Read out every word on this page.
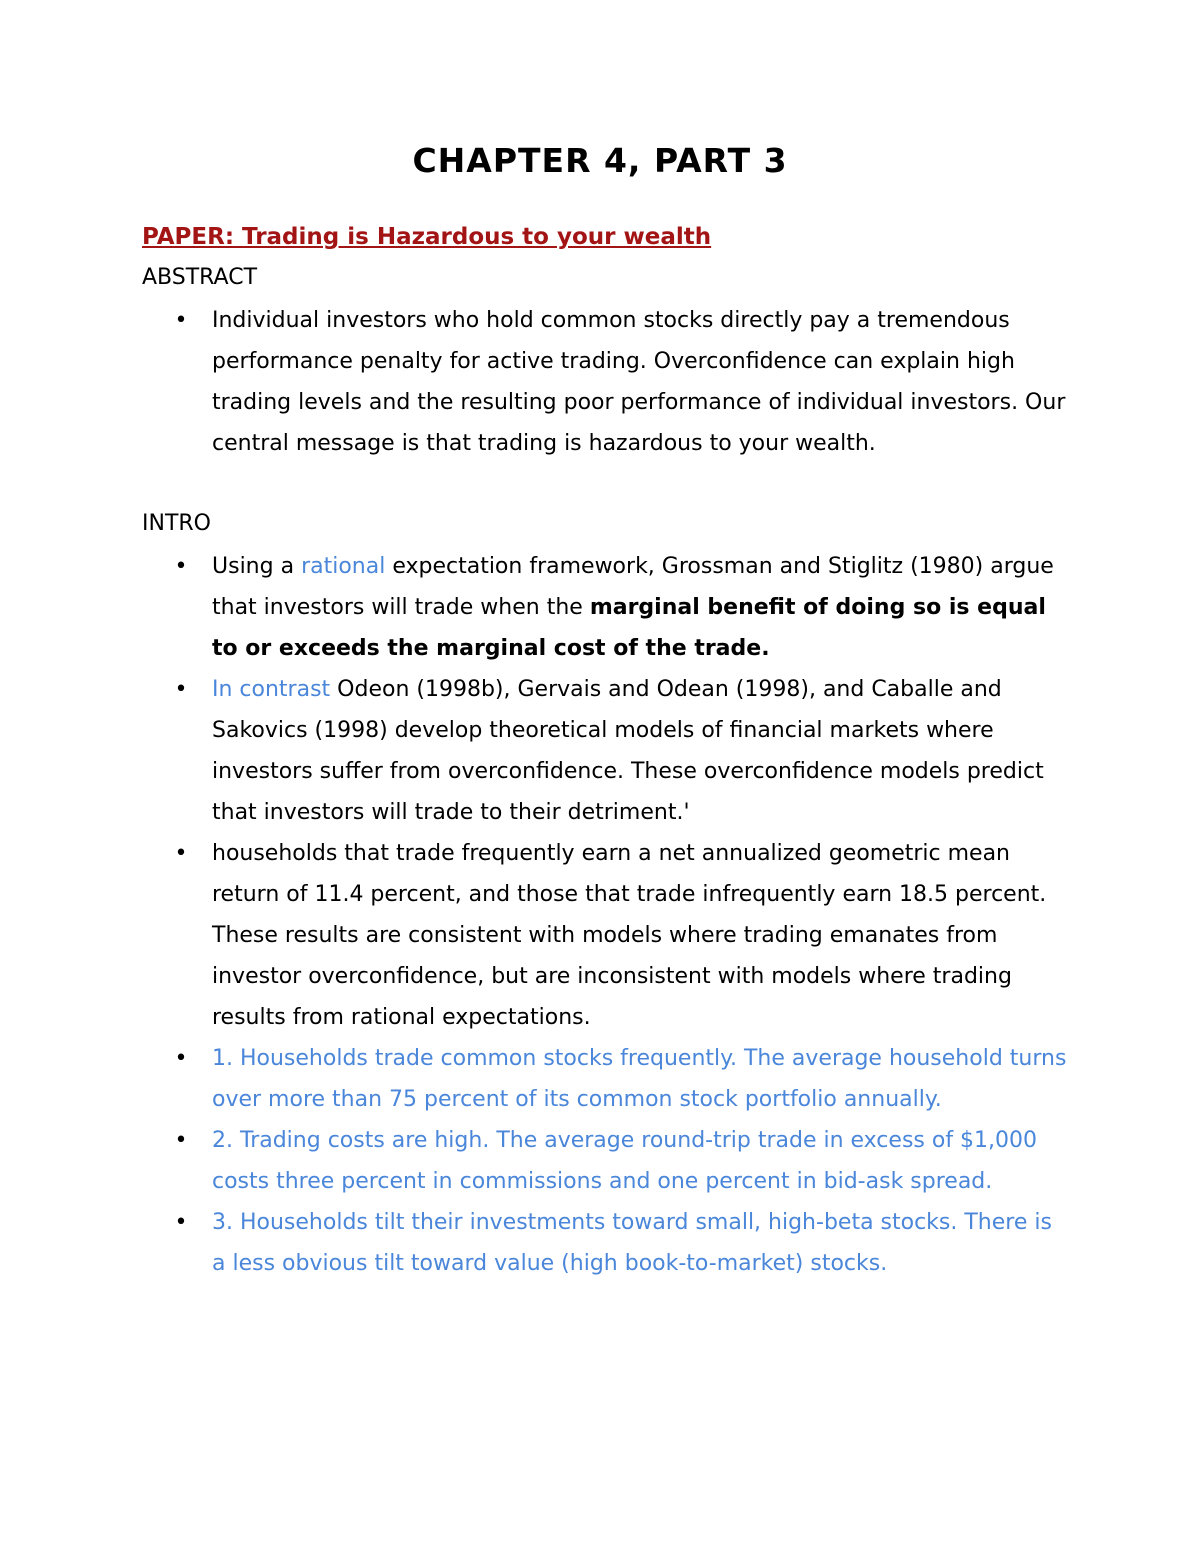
CHAPTER 4, PART 3
PAPER: Trading is Hazardous to your wealth
ABSTRACT
• Individual investors who hold common stocks directly pay a tremendous performance penalty for active trading. Overconfidence can explain high trading levels and the resulting poor performance of individual investors. Our central message is that trading is hazardous to your wealth.
INTRO
• Using a rational expectation framework, Grossman and Stiglitz (1980) argue that investors will trade when the marginal benefit of doing so is equal to or exceeds the marginal cost of the trade.
• In contrast Odeon (1998b), Gervais and Odean (1998), and Caballe and Sakovics (1998) develop theoretical models of financial markets where investors suffer from overconfidence. These overconfidence models predict that investors will trade to their detriment.'
• households that trade frequently earn a net annualized geometric mean return of 11.4 percent, and those that trade infrequently earn 18.5 percent. These results are consistent with models where trading emanates from investor overconfidence, but are inconsistent with models where trading results from rational expectations.
• 1. Households trade common stocks frequently. The average household turns over more than 75 percent of its common stock portfolio annually.
• 2. Trading costs are high. The average round-trip trade in excess of $1,000 costs three percent in commissions and one percent in bid-ask spread.
• 3. Households tilt their investments toward small, high-beta stocks. There is a less obvious tilt toward value (high book-to-market) stocks.
